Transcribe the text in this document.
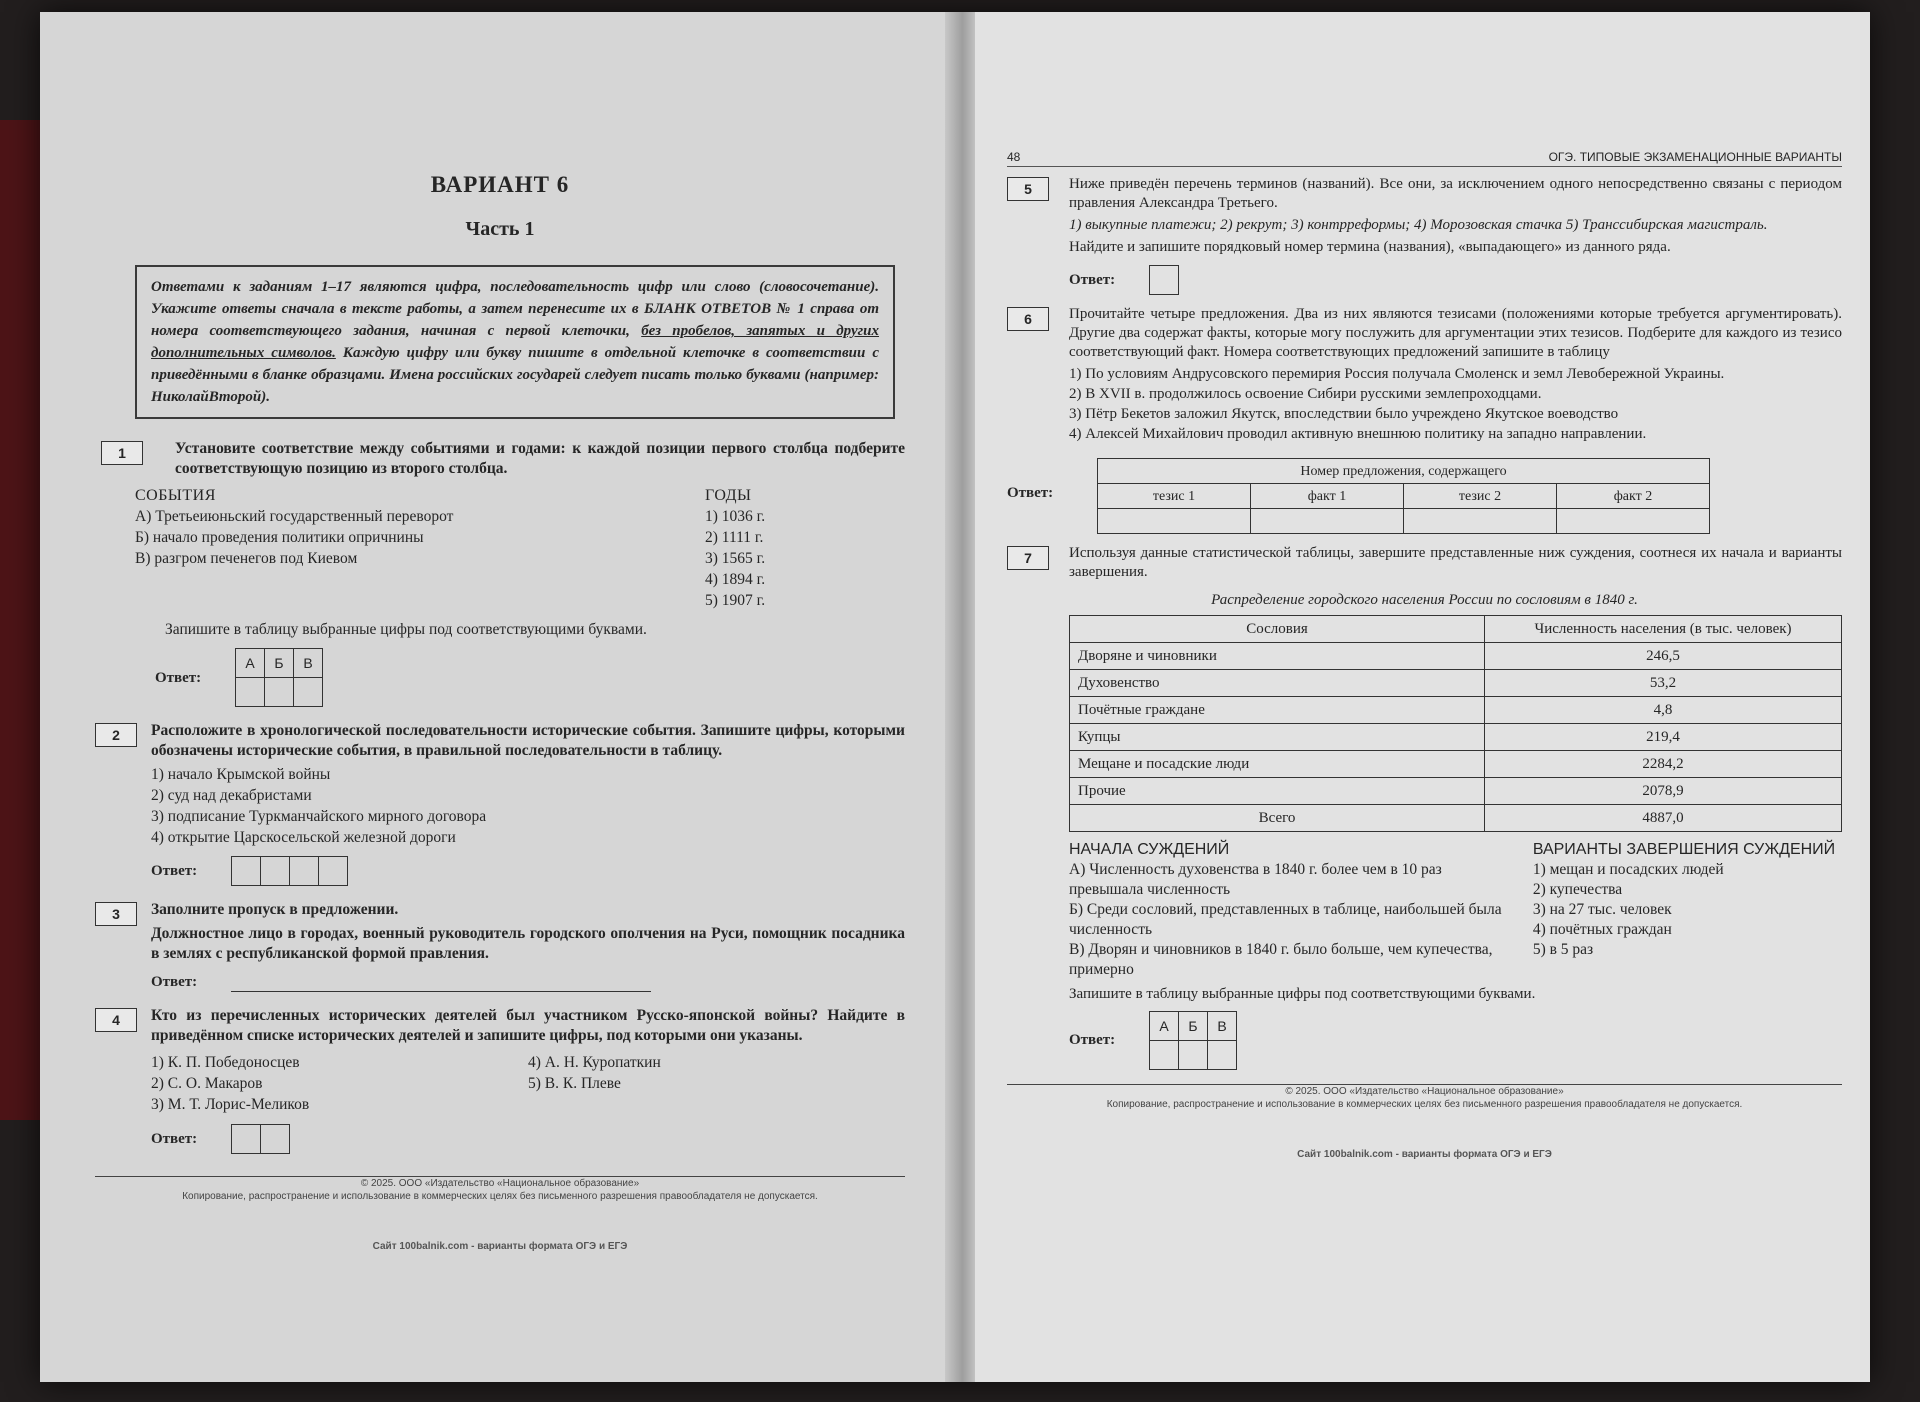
ВАРИАНТ 6
Часть 1
Ответами к заданиям 1–17 являются цифра, последовательность цифр или слово (словосочетание). Укажите ответы сначала в тексте работы, а затем перенесите их в БЛАНК ОТВЕТОВ № 1 справа от номера соответствующего задания, начиная с первой клеточки, без пробелов, запятых и других дополнительных символов. Каждую цифру или букву пишите в отдельной клеточке в соответствии с приведёнными в бланке образцами. Имена российских государей следует писать только буквами (например: НиколайВторой).
1	Установите соответствие между событиями и годами: к каждой позиции первого столбца подберите соответствующую позицию из второго столбца.
СОБЫТИЯ
А) Третьеиюньский государственный переворот
Б) начало проведения политики опричнины
В) разгром печенегов под Киевом
ГОДЫ
1) 1036 г.
2) 1111 г.
3) 1565 г.
4) 1894 г.
5) 1907 г.
Запишите в таблицу выбранные цифры под соответствующими буквами.
Ответ:
А	Б	В

2	Расположите в хронологической последовательности исторические события. Запишите цифры, которыми обозначены исторические события, в правильной последовательности в таблицу.
1) начало Крымской войны
2) суд над декабристами
3) подписание Туркманчайского мирного договора
4) открытие Царскосельской железной дороги
Ответ:

3	Заполните пропуск в предложении.
Должностное лицо в городах, военный руководитель городского ополчения на Руси, помощник посадника в землях с республиканской формой правления.
Ответ:
4	Кто из перечисленных исторических деятелей был участником Русско-японской войны? Найдите в приведённом списке исторических деятелей и запишите цифры, под которыми они указаны.
1) К. П. Победоносцев
2) С. О. Макаров
3) М. Т. Лорис-Меликов
4) А. Н. Куропаткин
5) В. К. Плеве
Ответ:

© 2025. ООО «Издательство «Национальное образование»
Копирование, распространение и использование в коммерческих целях без письменного разрешения правообладателя не допускается.
Сайт 100balnik.com - варианты формата ОГЭ и ЕГЭ
48	ОГЭ. ТИПОВЫЕ ЭКЗАМЕНАЦИОННЫЕ ВАРИАНТЫ
5	Ниже приведён перечень терминов (названий). Все они, за исключением одного непосредственно связаны с периодом правления Александра Третьего.
1) выкупные платежи; 2) рекрут; 3) контрреформы; 4) Морозовская стачка 5) Транссибирская магистраль.
Найдите и запишите порядковый номер термина (названия), «выпадающего» из данного ряда.
Ответ:
6	Прочитайте четыре предложения. Два из них являются тезисами (положениями которые требуется аргументировать). Другие два содержат факты, которые могу послужить для аргументации этих тезисов. Подберите для каждого из тезисо соответствующий факт. Номера соответствующих предложений запишите в таблицу
1) По условиям Андрусовского перемирия Россия получала Смоленск и земл Левобережной Украины.
2) В XVII в. продолжилось освоение Сибири русскими землепроходцами.
3) Пётр Бекетов заложил Якутск, впоследствии было учреждено Якутское воеводство
4) Алексей Михайлович проводил активную внешнюю политику на западно направлении.
Ответ:
Номер предложения, содержащего			
тезис 1	факт 1	тезис 2	факт 2

7	Используя данные статистической таблицы, завершите представленные ниж суждения, соотнеся их начала и варианты завершения.
Распределение городского населения России по сословиям в 1840 г.
Сословия	Численность населения (в тыс. человек)
Дворяне и чиновники	246,5
Духовенство	53,2
Почётные граждане	4,8
Купцы	219,4
Мещане и посадские люди	2284,2
Прочие	2078,9
Всего	4887,0
НАЧАЛА СУЖДЕНИЙ
А) Численность духовенства в 1840 г. более чем в 10 раз превышала численность
Б) Среди сословий, представленных в таблице, наибольшей была численность
В) Дворян и чиновников в 1840 г. было больше, чем купечества, примерно
ВАРИАНТЫ ЗАВЕРШЕНИЯ СУЖДЕНИЙ
1) мещан и посадских людей
2) купечества
3) на 27 тыс. человек
4) почётных граждан
5) в 5 раз
Запишите в таблицу выбранные цифры под соответствующими буквами.
Ответ:
А	Б	В

© 2025. ООО «Издательство «Национальное образование»
Копирование, распространение и использование в коммерческих целях без письменного разрешения правообладателя не допускается.
Сайт 100balnik.com - варианты формата ОГЭ и ЕГЭ
